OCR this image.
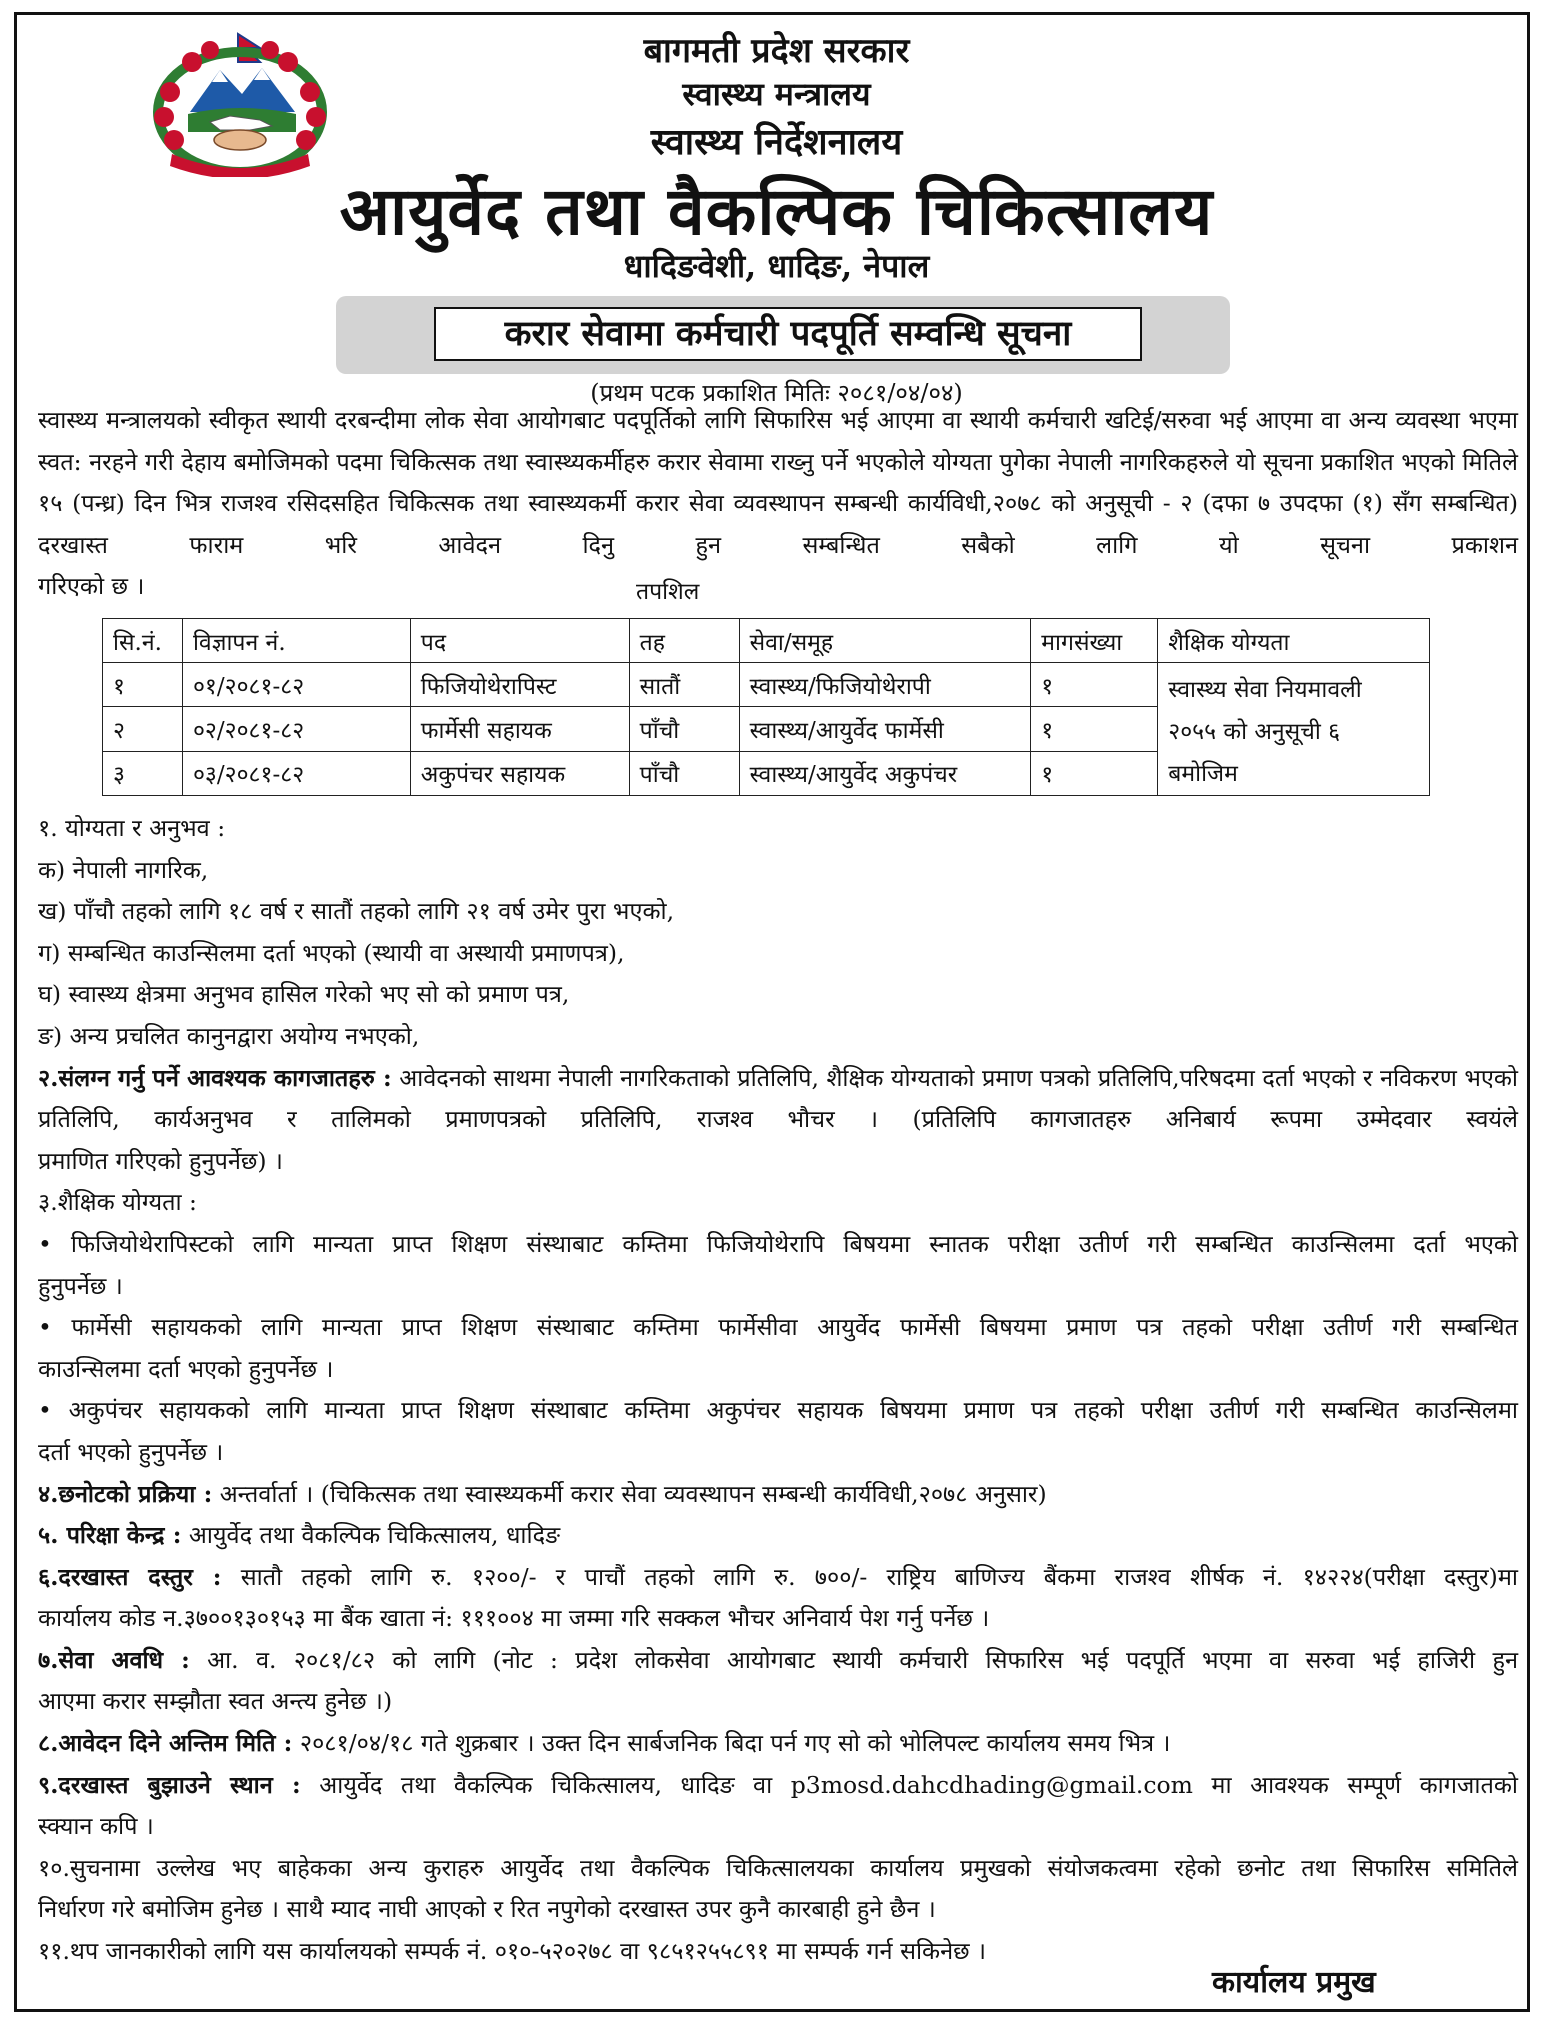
बागमती प्रदेश सरकार
स्वास्थ्य मन्त्रालय
स्वास्थ्य निर्देशनालय
आयुर्वेद तथा वैकल्पिक चिकित्सालय
धादिङवेशी, धादिङ, नेपाल
करार सेवामा कर्मचारी पदपूर्ति सम्वन्धि सूचना
(प्रथम पटक प्रकाशित मितिः २०८१/०४/०४)
स्वास्थ्य मन्त्रालयको स्वीकृत स्थायी दरबन्दीमा लोक सेवा आयोगबाट पदपूर्तिको लागि सिफारिस भई आएमा वा स्थायी कर्मचारी खटिई/सरुवा भई आएमा वा अन्य व्यवस्था भएमा स्वत: नरहने गरी देहाय बमोजिमको पदमा चिकित्सक तथा स्वास्थ्यकर्मीहरु करार सेवामा राख्नु पर्ने भएकोले योग्यता पुगेका नेपाली नागरिकहरुले यो सूचना प्रकाशित भएको मितिले १५ (पन्ध्र) दिन भित्र राजश्व रसिदसहित चिकित्सक तथा स्वास्थ्यकर्मी करार सेवा व्यवस्थापन सम्बन्धी कार्यविधी,२०७८ को अनुसूची - २ (दफा ७ उपदफा (१) सँग सम्बन्धित) दरखास्त फाराम भरि आवेदन दिनु हुन सम्बन्धित सबैको लागि यो सूचना प्रकाशन
गरिएको छ ।	तपशिल
सि.नं.	विज्ञापन नं.	पद	तह	सेवा/समूह	मागसंख्या	शैक्षिक योग्यता
१	०१/२०८१-८२	फिजियोथेरापिस्ट	सातौं	स्वास्थ्य/फिजियोथेरापी	१	स्वास्थ्य सेवा नियमावली
२०५५ को अनुसूची ६
बमोजिम

२	०२/२०८१-८२	फार्मेसी सहायक	पाँचौ	स्वास्थ्य/आयुर्वेद फार्मेसी	१	
३	०३/२०८१-८२	अकुपंचर सहायक	पाँचौ	स्वास्थ्य/आयुर्वेद अकुपंचर	१	
१. योग्यता र अनुभव :
क) नेपाली नागरिक,
ख) पाँचौ तहको लागि १८ वर्ष र सातौं तहको लागि २१ वर्ष उमेर पुरा भएको,
ग) सम्बन्धित काउन्सिलमा दर्ता भएको (स्थायी वा अस्थायी प्रमाणपत्र),
घ) स्वास्थ्य क्षेत्रमा अनुभव हासिल गरेको भए सो को प्रमाण पत्र,
ङ) अन्य प्रचलित कानुनद्वारा अयोग्य नभएको,
२.संलग्न गर्नु पर्ने आवश्यक कागजातहरु : आवेदनको साथमा नेपाली नागरिकताको प्रतिलिपि, शैक्षिक योग्यताको प्रमाण पत्रको प्रतिलिपि,परिषदमा दर्ता भएको र नविकरण भएको प्रतिलिपि, कार्यअनुभव र तालिमको प्रमाणपत्रको प्रतिलिपि, राजश्व भौचर । (प्रतिलिपि कागजातहरु अनिबार्य रूपमा उम्मेदवार स्वयंले
प्रमाणित गरिएको हुनुपर्नेछ) ।
३.शैक्षिक योग्यता :
• फिजियोथेरापिस्टको लागि मान्यता प्राप्त शिक्षण संस्थाबाट कम्तिमा फिजियोथेरापि बिषयमा स्नातक परीक्षा उतीर्ण गरी सम्बन्धित काउन्सिलमा दर्ता भएको
हुनुपर्नेछ ।
• फार्मेसी सहायकको लागि मान्यता प्राप्त शिक्षण संस्थाबाट कम्तिमा फार्मेसीवा आयुर्वेद फार्मेसी बिषयमा प्रमाण पत्र तहको परीक्षा उतीर्ण गरी सम्बन्धित
काउन्सिलमा दर्ता भएको हुनुपर्नेछ ।
• अकुपंचर सहायकको लागि मान्यता प्राप्त शिक्षण संस्थाबाट कम्तिमा अकुपंचर सहायक बिषयमा प्रमाण पत्र तहको परीक्षा उतीर्ण गरी सम्बन्धित काउन्सिलमा
दर्ता भएको हुनुपर्नेछ ।
४.छनोटको प्रक्रिया : अन्तर्वार्ता । (चिकित्सक तथा स्वास्थ्यकर्मी करार सेवा व्यवस्थापन सम्बन्धी कार्यविधी,२०७८ अनुसार)
५. परिक्षा केन्द्र : आयुर्वेद तथा वैकल्पिक चिकित्सालय, धादिङ
६.दरखास्त दस्तुर : सातौ तहको लागि रु. १२००/- र पाचौं तहको लागि रु. ७००/- राष्ट्रिय बाणिज्य बैंकमा राजश्व शीर्षक नं. १४२२४(परीक्षा दस्तुर)मा
कार्यालय कोड न.३७००१३०१५३ मा बैंक खाता नं: १११००४ मा जम्मा गरि सक्कल भौचर अनिवार्य पेश गर्नु पर्नेछ ।
७.सेवा अवधि : आ. व. २०८१/८२ को लागि (नोट : प्रदेश लोकसेवा आयोगबाट स्थायी कर्मचारी सिफारिस भई पदपूर्ति भएमा वा सरुवा भई हाजिरी हुन
आएमा करार सम्झौता स्वत अन्त्य हुनेछ ।)
८.आवेदन दिने अन्तिम मिति : २०८१/०४/१८ गते शुक्रबार । उक्त दिन सार्बजनिक बिदा पर्न गए सो को भोलिपल्ट कार्यालय समय भित्र ।
९.दरखास्त बुझाउने स्थान : आयुर्वेद तथा वैकल्पिक चिकित्सालय, धादिङ वा p3mosd.dahcdhading@gmail.com मा आवश्यक सम्पूर्ण कागजातको
स्क्यान कपि ।
१०.सुचनामा उल्लेख भए बाहेकका अन्य कुराहरु आयुर्वेद तथा वैकल्पिक चिकित्सालयका कार्यालय प्रमुखको संयोजकत्वमा रहेको छनोट तथा सिफारिस समितिले
निर्धारण गरे बमोजिम हुनेछ । साथै म्याद नाघी आएको र रित नपुगेको दरखास्त उपर कुनै कारबाही हुने छैन ।
११.थप जानकारीको लागि यस कार्यालयको सम्पर्क नं. ०१०-५२०२७८ वा ९८५१२५५८९१ मा सम्पर्क गर्न सकिनेछ ।
कार्यालय प्रमुख
